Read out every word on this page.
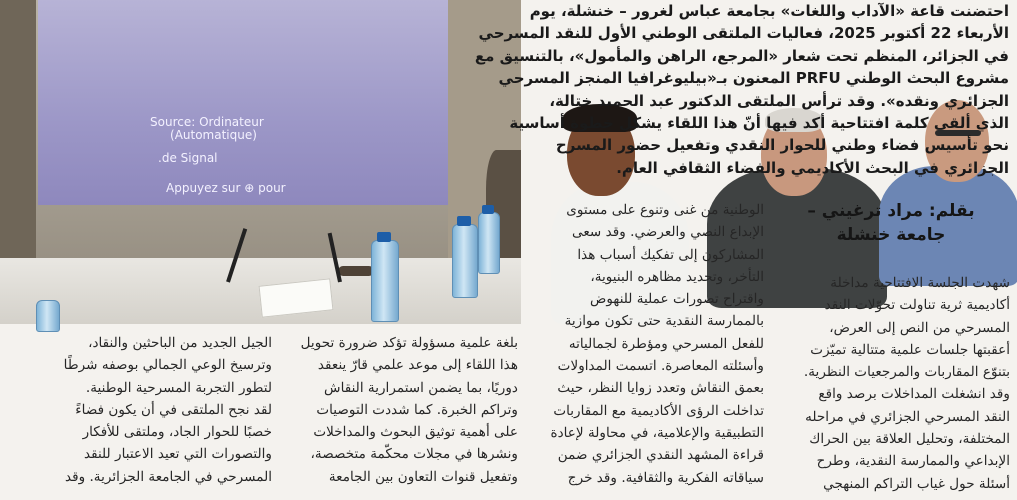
Source: Ordinateur
(Automatique)
de Signal.
Appuyez sur ⊕ pour
احتضنت قاعة «الآداب واللغات» بجامعة عباس لغرور – خنشلة، يوم
الأربعاء 22 أكتوبر 2025، فعاليات الملتقى الوطني الأول للنقد المسرحي
في الجزائر، المنظم تحت شعار «المرجع، الراهن والمأمول»، بالتنسيق مع
مشروع البحث الوطني PRFU المعنون بـ«بيليوغرافيا المنجز المسرحي
الجزائري ونقده». وقد ترأس الملتقى الدكتور عبد الحميد ختالة،
الذي ألقى كلمة افتتاحية أكد فيها أنّ هذا اللقاء يشكل خطوة أساسية
نحو تأسيس فضاء وطني للحوار النقدي وتفعيل حضور المسرح
الجزائري في البحث الأكاديمي والفضاء الثقافي العام.
بقلم: مراد ترغيني –
جامعة خنشلة
شهدت الجلسة الافتتاحية مداخلة
أكاديمية ثرية تناولت تحوّلات النقد
المسرحي من النص إلى العرض،
أعقبتها جلسات علمية متتالية تميّزت
بتنوّع المقاربات والمرجعيات النظرية.
وقد انشغلت المداخلات برصد واقع
النقد المسرحي الجزائري في مراحله
المختلفة، وتحليل العلاقة بين الحراك
الإبداعي والممارسة النقدية، وطرح
أسئلة حول غياب التراكم المنهجي
الوطنية من غنى وتنوع على مستوى
الإبداع النصي والعرضي. وقد سعى
المشاركون إلى تفكيك أسباب هذا
التأخر، وتحديد مظاهره البنيوية،
واقتراح تصورات عملية للنهوض
بالممارسة النقدية حتى تكون موازية
للفعل المسرحي ومؤطرة لجمالياته
وأسئلته المعاصرة. اتسمت المداولات
بعمق النقاش وتعدد زوايا النظر، حيث
تداخلت الرؤى الأكاديمية مع المقاربات
التطبيقية والإعلامية، في محاولة لإعادة
قراءة المشهد النقدي الجزائري ضمن
سياقاته الفكرية والثقافية. وقد خرج
بلغة علمية مسؤولة تؤكد ضرورة تحويل
هذا اللقاء إلى موعد علمي قارّ ينعقد
دوريًا، بما يضمن استمرارية النقاش
وتراكم الخبرة. كما شددت التوصيات
على أهمية توثيق البحوث والمداخلات
ونشرها في مجلات محكّمة متخصصة،
وتفعيل قنوات التعاون بين الجامعة
الجيل الجديد من الباحثين والنقاد،
وترسيخ الوعي الجمالي بوصفه شرطًا
لتطور التجربة المسرحية الوطنية.
لقد نجح الملتقى في أن يكون فضاءً
خصبًا للحوار الجاد، وملتقى للأفكار
والتصورات التي تعيد الاعتبار للنقد
المسرحي في الجامعة الجزائرية. وقد
